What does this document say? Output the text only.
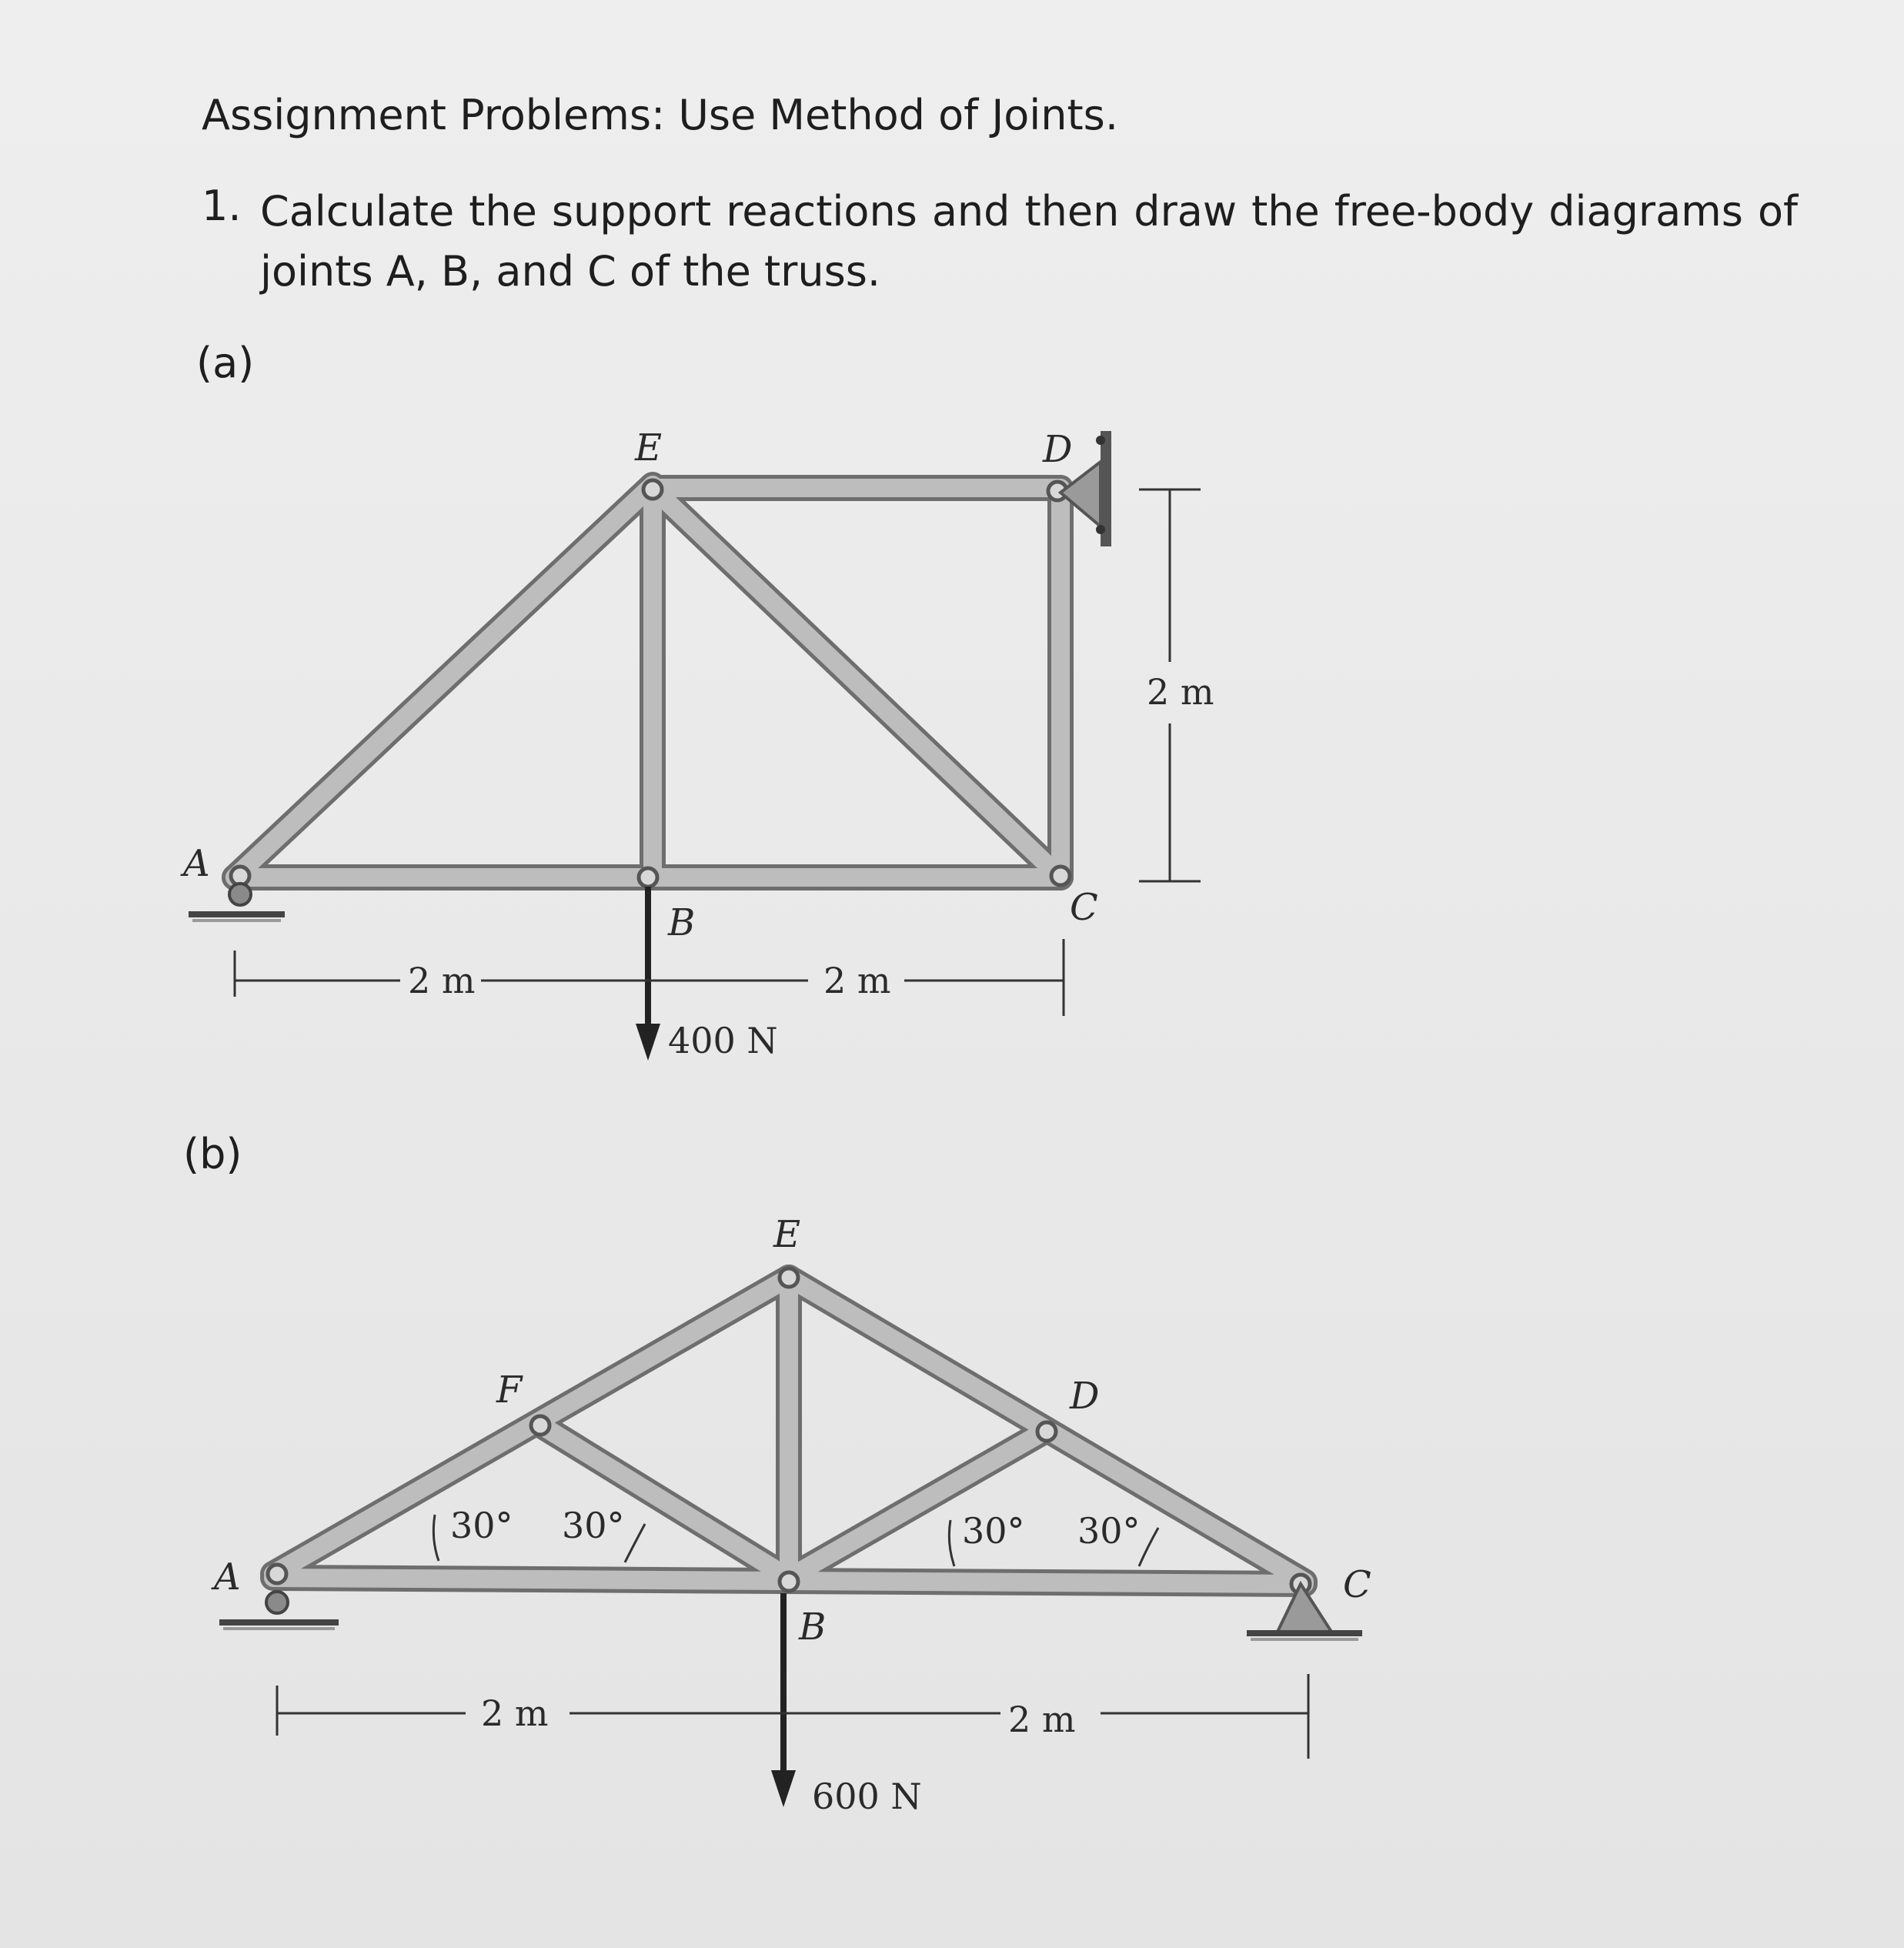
Assignment Problems: Use Method of Joints.
1. Calculate the support reactions and then draw the free-body diagrams of joints A, B, and C of the truss.
(a)
(b)
E	D
A
B	C
400 N
2 m	2 m
2 m
E
F	D
A
B
C
30° 30°	30° 30°
600 N
2 m	2 m
